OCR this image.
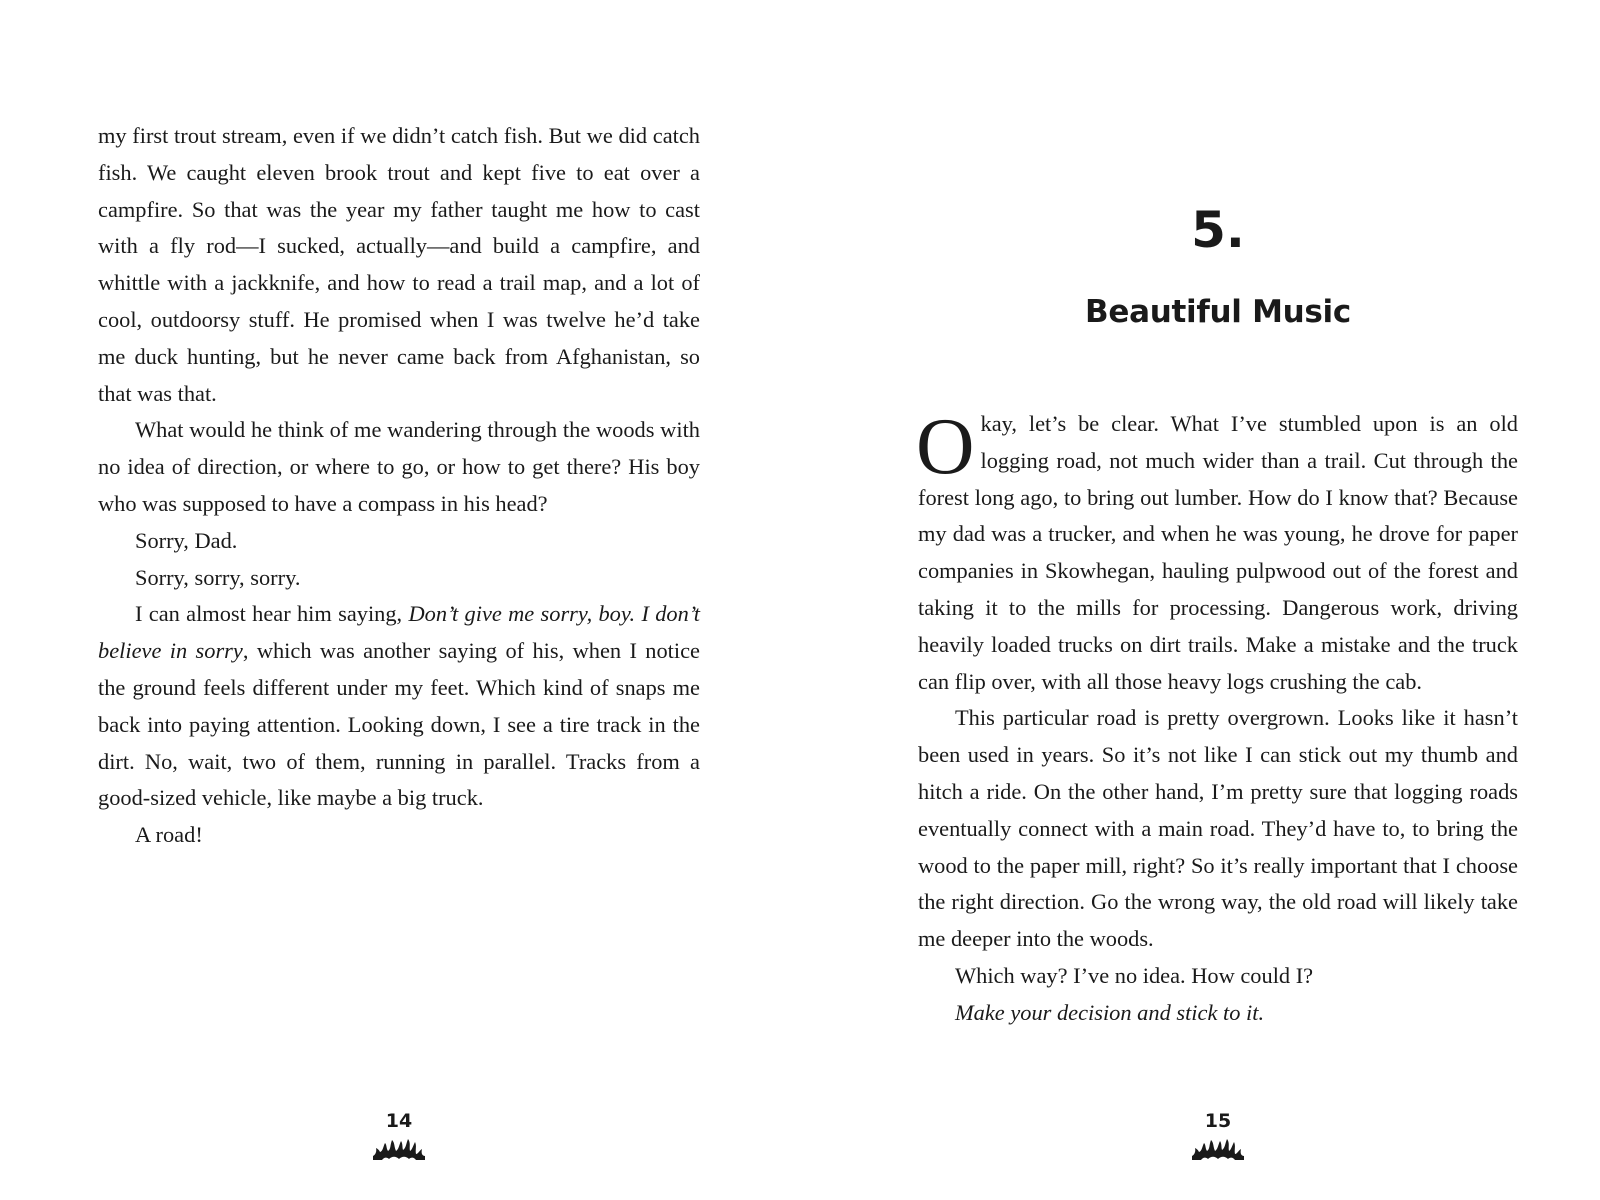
my first trout stream, even if we didn’t catch fish. But we did catch fish. We caught eleven brook trout and kept five to eat over a campfire. So that was the year my father taught me how to cast with a fly rod—I sucked, actually—and build a campfire, and whittle with a jackknife, and how to read a trail map, and a lot of cool, outdoorsy stuff. He promised when I was twelve he’d take me duck hunting, but he never came back from Afghanistan, so that was that.

What would he think of me wandering through the woods with no idea of direction, or where to go, or how to get there? His boy who was supposed to have a compass in his head?

Sorry, Dad.

Sorry, sorry, sorry.

I can almost hear him saying, Don’t give me sorry, boy. I don’t believe in sorry, which was another saying of his, when I notice the ground feels different under my feet. Which kind of snaps me back into paying attention. Looking down, I see a tire track in the dirt. No, wait, two of them, running in parallel. Tracks from a good-sized vehicle, like maybe a big truck.

A road!

14
5.
Beautiful Music

Okay, let’s be clear. What I’ve stumbled upon is an old logging road, not much wider than a trail. Cut through the forest long ago, to bring out lumber. How do I know that? Because my dad was a trucker, and when he was young, he drove for paper companies in Skowhegan, hauling pulpwood out of the forest and taking it to the mills for processing. Dangerous work, driving heavily loaded trucks on dirt trails. Make a mistake and the truck can flip over, with all those heavy logs crushing the cab.

This particular road is pretty overgrown. Looks like it hasn’t been used in years. So it’s not like I can stick out my thumb and hitch a ride. On the other hand, I’m pretty sure that logging roads eventually connect with a main road. They’d have to, to bring the wood to the paper mill, right? So it’s really important that I choose the right direction. Go the wrong way, the old road will likely take me deeper into the woods.

Which way? I’ve no idea. How could I?

Make your decision and stick to it.

15
